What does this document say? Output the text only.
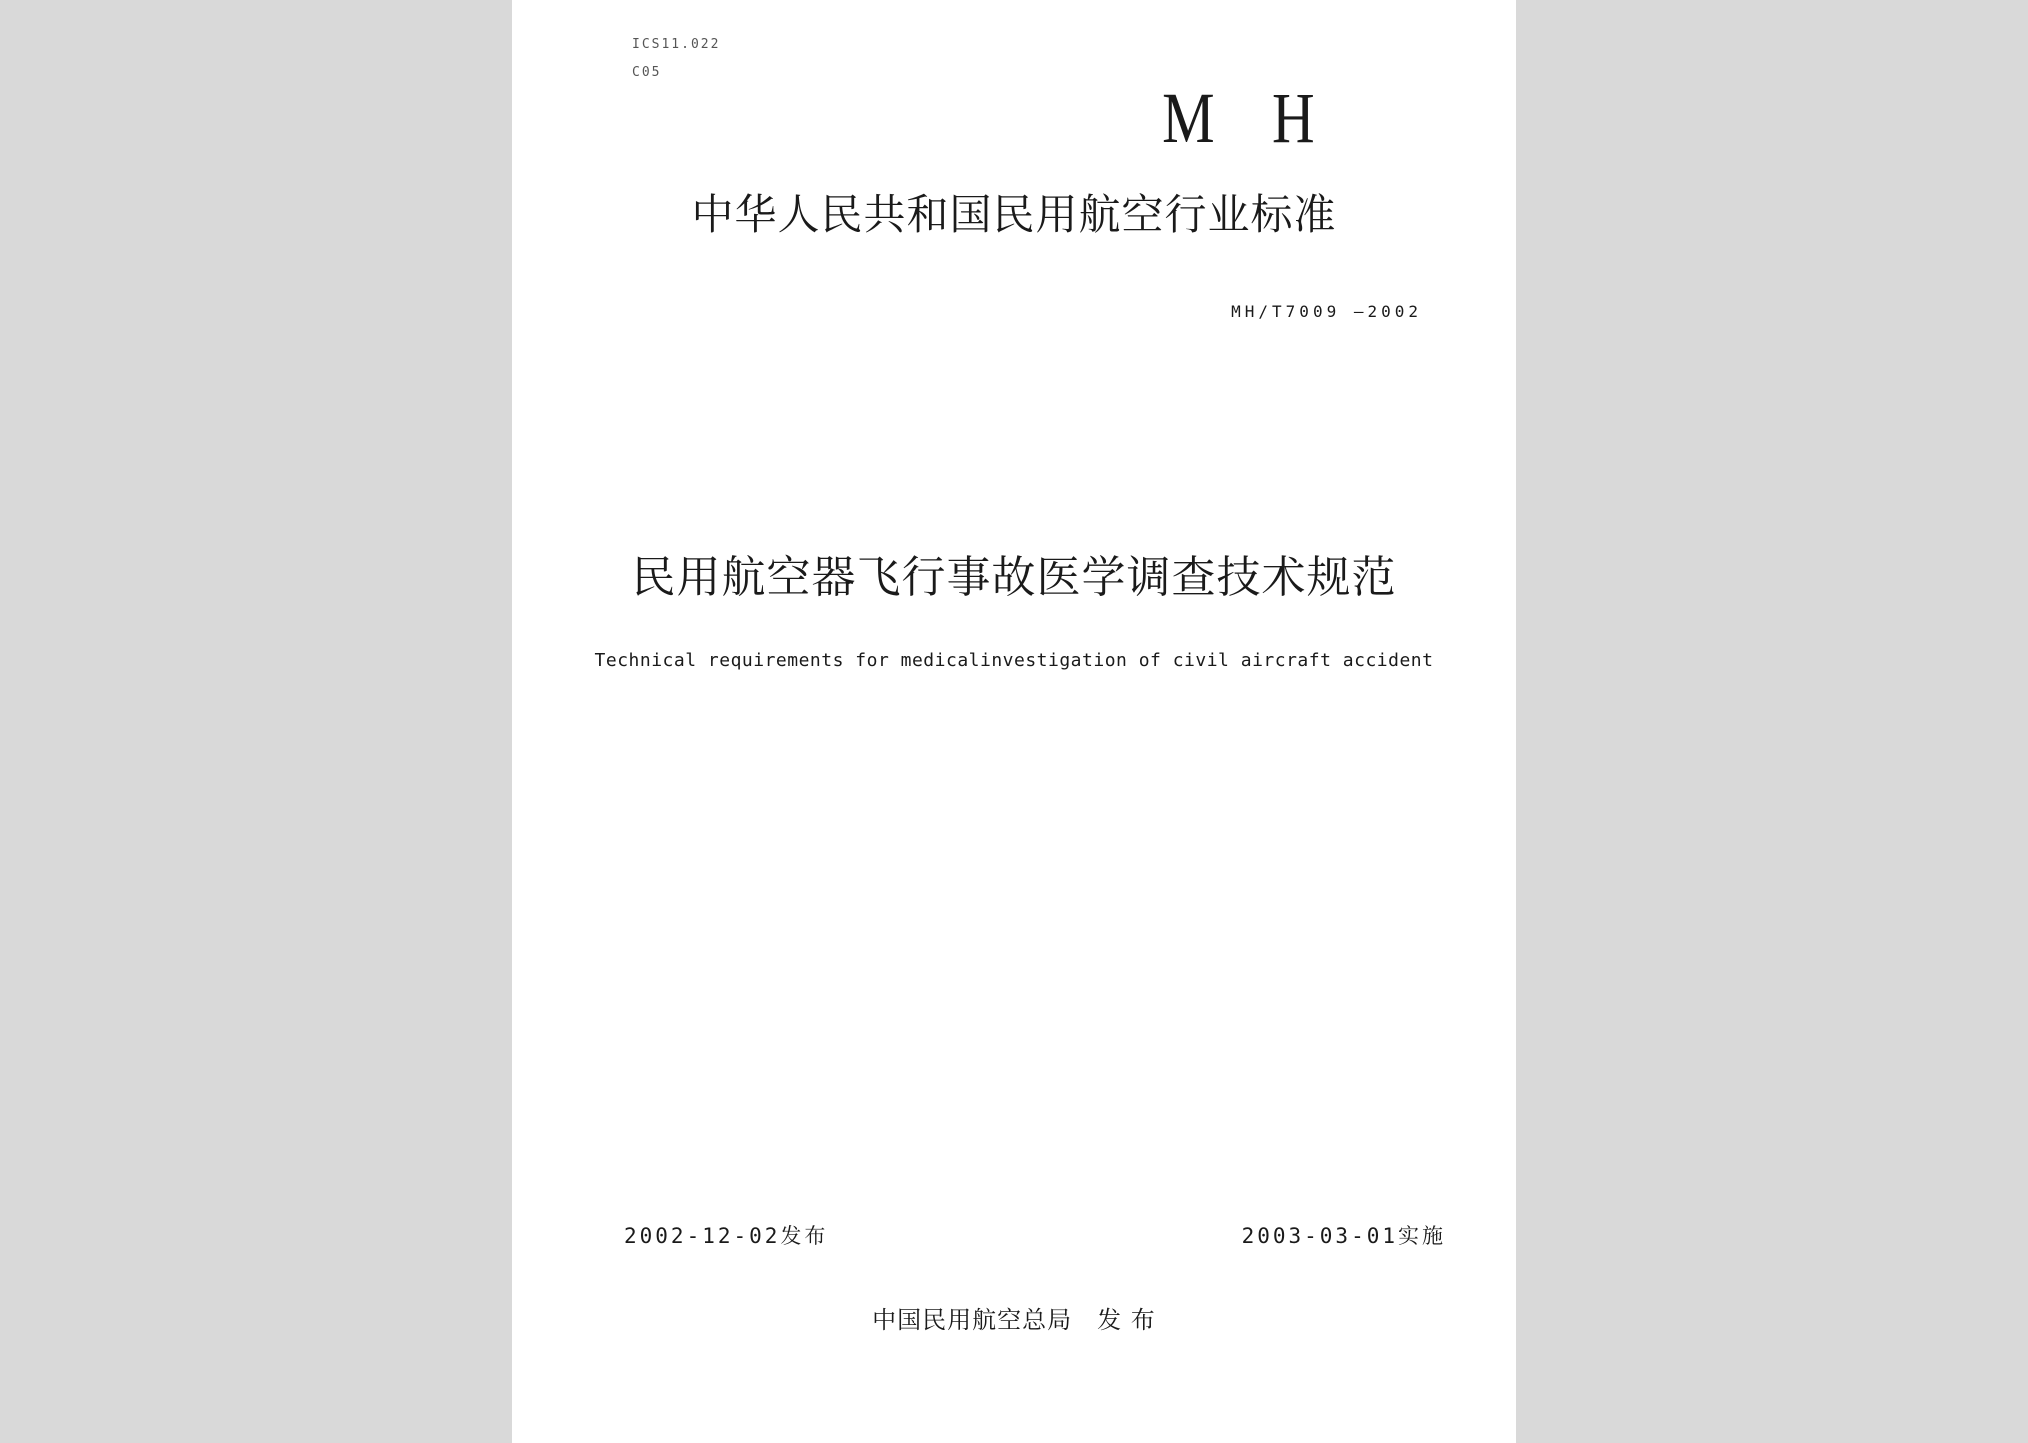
ICS11.022
C05
M H
中华人民共和国民用航空行业标准
MH/T7009 —2002
民用航空器飞行事故医学调查技术规范
Technical requirements for medicalinvestigation of civil aircraft accident
2002-12-02发布	2003-03-01实施
中国民用航空总局　发 布
